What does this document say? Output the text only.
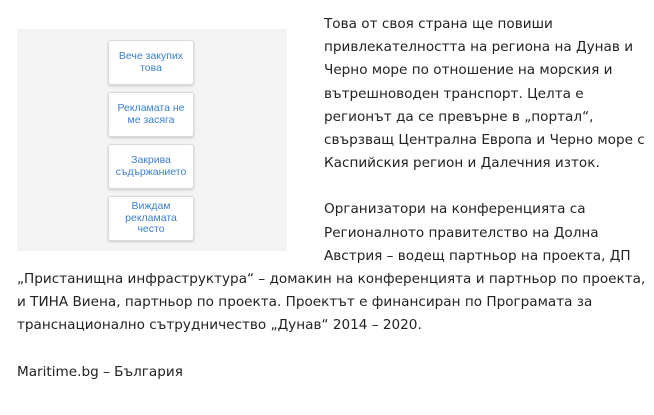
Вече закупих това
Рекламата не ме засяга
Закрива съдържанието
Виждам рекламата често

Това от своя страна ще повиши привлекателността на региона на Дунав и Черно море по отношение на морския и вътрешноводен транспорт. Целта е регионът да се превърне в „портал“, свързващ Централна Европа и Черно море с Каспийския регион и Далечния изток.

Организатори на конференцията са Регионалното правителство на Долна Австрия – водещ партньор на проекта, ДП „Пристанищна инфраструктура“ – домакин на конференцията и партньор по проекта, и ТИНА Виена, партньор по проекта. Проектът е финансиран по Програмата за транснационално сътрудничество „Дунав“ 2014 – 2020.

Maritime.bg – България
